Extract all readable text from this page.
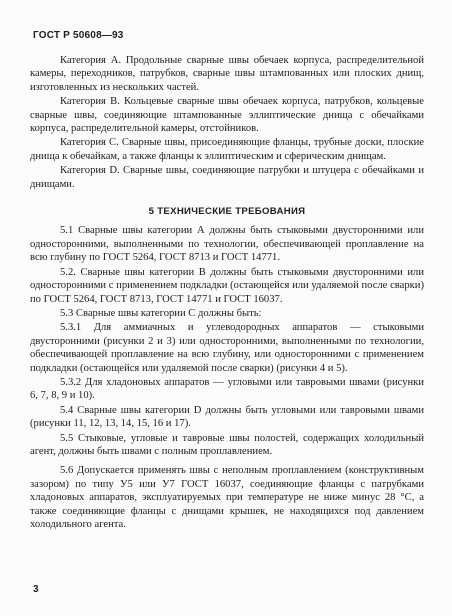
ГОСТ Р 50608—93

Категория А. Продольные сварные швы обечаек корпуса, распределительной камеры, переходников, патрубков, сварные швы штампованных или плоских днищ, изготовленных из нескольких частей.

Категория В. Кольцевые сварные швы обечаек корпуса, патрубков, кольцевые сварные швы, соединяющие штампованные эллиптические днища с обечайками корпуса, распределительной камеры, отстойников.

Категория С. Сварные швы, присоединяющие фланцы, трубные доски, плоские днища к обечайкам, а также фланцы к эллиптическим и сферическим днищам.

Категория D. Сварные швы, соединяющие патрубки и штуцера с обечайками и днищами.

5 ТЕХНИЧЕСКИЕ ТРЕБОВАНИЯ

5.1 Сварные швы категории А должны быть стыковыми двусторонними или односторонними, выполненными по технологии, обеспечивающей проплавление на всю глубину по ГОСТ 5264, ГОСТ 8713 и ГОСТ 14771.

5.2. Сварные швы категории В должны быть стыковыми двусторонними или односторонними с применением подкладки (остающейся или удаляемой после сварки) по ГОСТ 5264, ГОСТ 8713, ГОСТ 14771 и ГОСТ 16037.

5.3 Сварные швы категории С должны быть:

5.3.1 Для аммиачных и углеводородных аппаратов — стыковыми двусторонними (рисунки 2 и 3) или односторонними, выполненными по технологии, обеспечивающей проплавление на всю глубину, или односторонними с применением подкладки (остающейся или удаляемой после сварки) (рисунки 4 и 5).

5.3.2 Для хладоновых аппаратов — угловыми или тавровыми швами (рисунки 6, 7, 8, 9 и 10).

5.4 Сварные швы категории D должны быть угловыми или тавровыми швами (рисунки 11, 12, 13, 14, 15, 16 и 17).

5.5 Стыковые, угловые и тавровые швы полостей, содержащих холодильный агент, должны быть швами с полным проплавлением.

5.6 Допускается применять швы с неполным проплавлением (конструктивным зазором) по типу У5 или У7 ГОСТ 16037, соединяющие фланцы с патрубками хладоновых аппаратов, эксплуатируемых при температуре не ниже минус 28 °С, а также соединяющие фланцы с днищами крышек, не находящихся под давлением холодильного агента.

3
